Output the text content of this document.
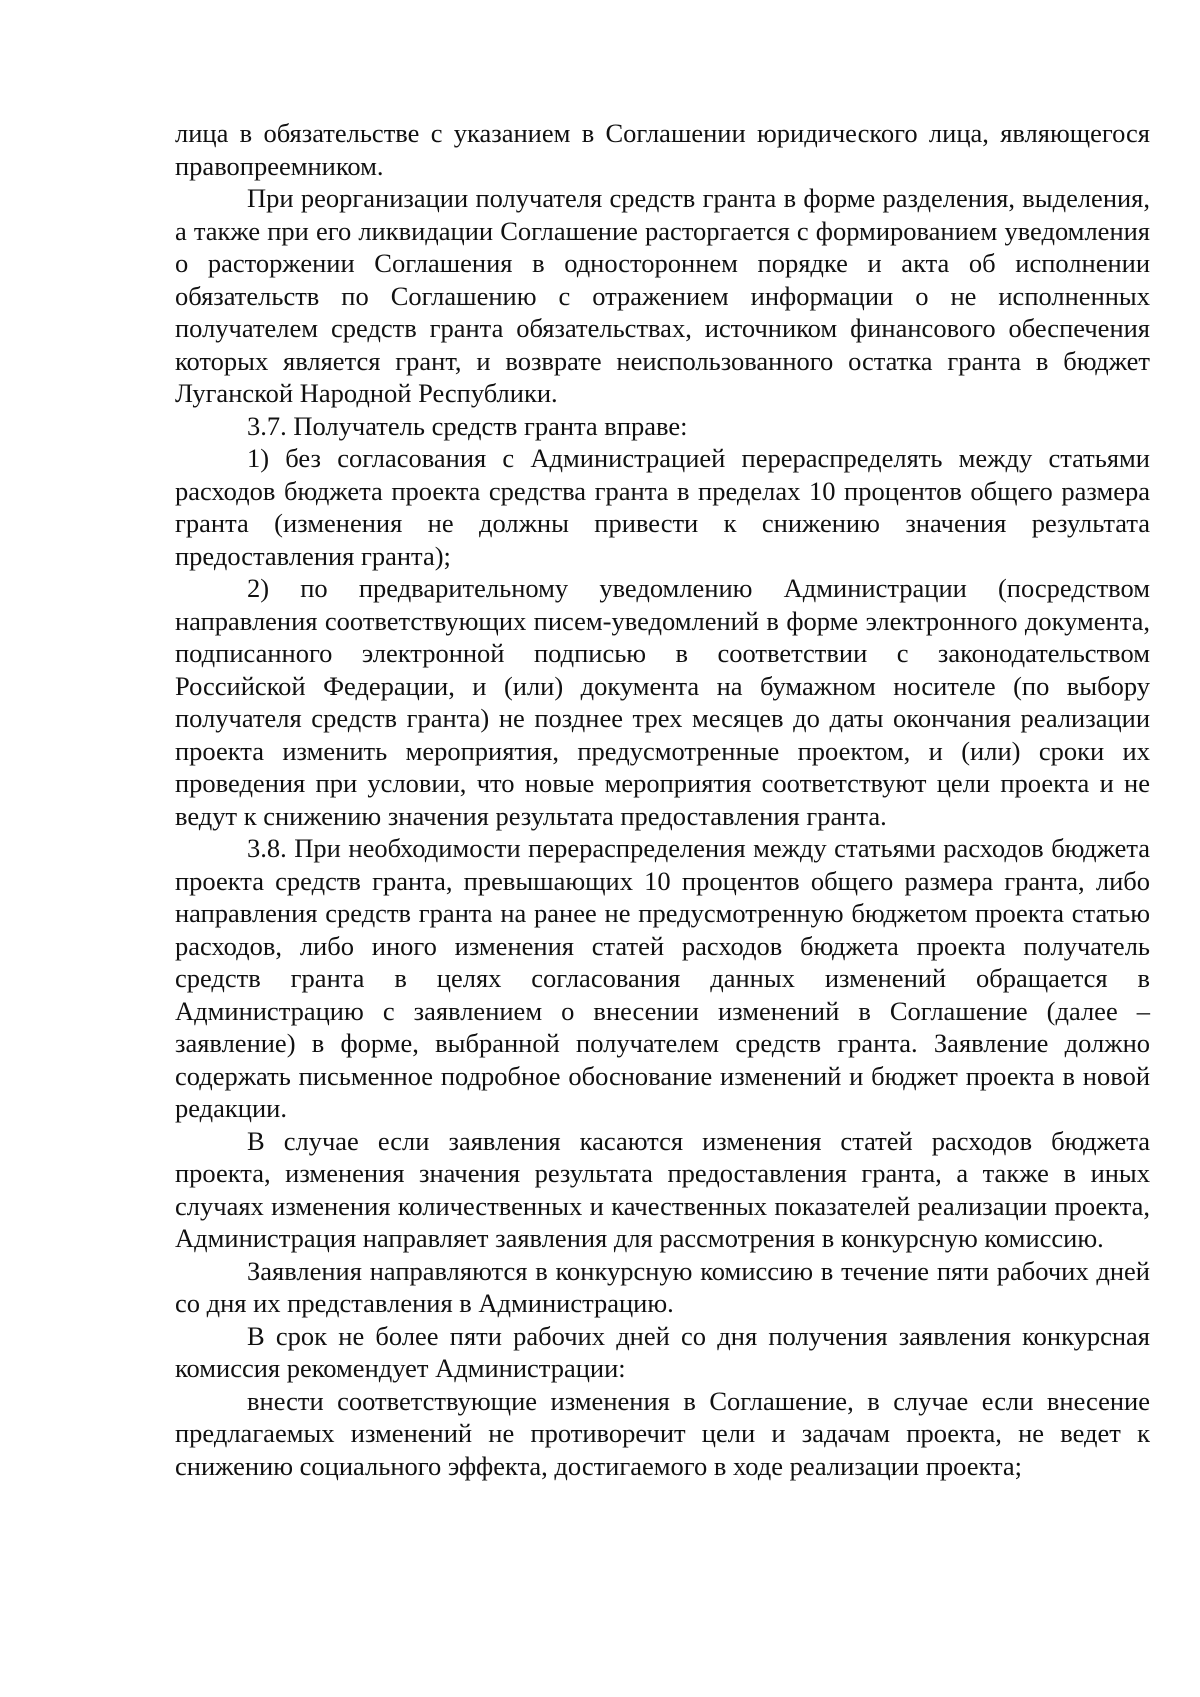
лица в обязательстве с указанием в Соглашении юридического лица, являющегося правопреемником.

При реорганизации получателя средств гранта в форме разделения, выделения, а также при его ликвидации Соглашение расторгается с формированием уведомления о расторжении Соглашения в одностороннем порядке и акта об исполнении обязательств по Соглашению с отражением информации о не исполненных получателем средств гранта обязательствах, источником финансового обеспечения которых является грант, и возврате неиспользованного остатка гранта в бюджет Луганской Народной Республики.

3.7. Получатель средств гранта вправе:

1) без согласования с Администрацией перераспределять между статьями расходов бюджета проекта средства гранта в пределах 10 процентов общего размера гранта (изменения не должны привести к снижению значения результата предоставления гранта);

2) по предварительному уведомлению Администрации (посредством направления соответствующих писем-уведомлений в форме электронного документа, подписанного электронной подписью в соответствии с законодательством Российской Федерации, и (или) документа на бумажном носителе (по выбору получателя средств гранта) не позднее трех месяцев до даты окончания реализации проекта изменить мероприятия, предусмотренные проектом, и (или) сроки их проведения при условии, что новые мероприятия соответствуют цели проекта и не ведут к снижению значения результата предоставления гранта.

3.8. При необходимости перераспределения между статьями расходов бюджета проекта средств гранта, превышающих 10 процентов общего размера гранта, либо направления средств гранта на ранее не предусмотренную бюджетом проекта статью расходов, либо иного изменения статей расходов бюджета проекта получатель средств гранта в целях согласования данных изменений обращается в Администрацию с заявлением о внесении изменений в Соглашение (далее – заявление) в форме, выбранной получателем средств гранта. Заявление должно содержать письменное подробное обоснование изменений и бюджет проекта в новой редакции.

В случае если заявления касаются изменения статей расходов бюджета проекта, изменения значения результата предоставления гранта, а также в иных случаях изменения количественных и качественных показателей реализации проекта, Администрация направляет заявления для рассмотрения в конкурсную комиссию.

Заявления направляются в конкурсную комиссию в течение пяти рабочих дней со дня их представления в Администрацию.

В срок не более пяти рабочих дней со дня получения заявления конкурсная комиссия рекомендует Администрации:

внести соответствующие изменения в Соглашение, в случае если внесение предлагаемых изменений не противоречит цели и задачам проекта, не ведет к снижению социального эффекта, достигаемого в ходе реализации проекта;
